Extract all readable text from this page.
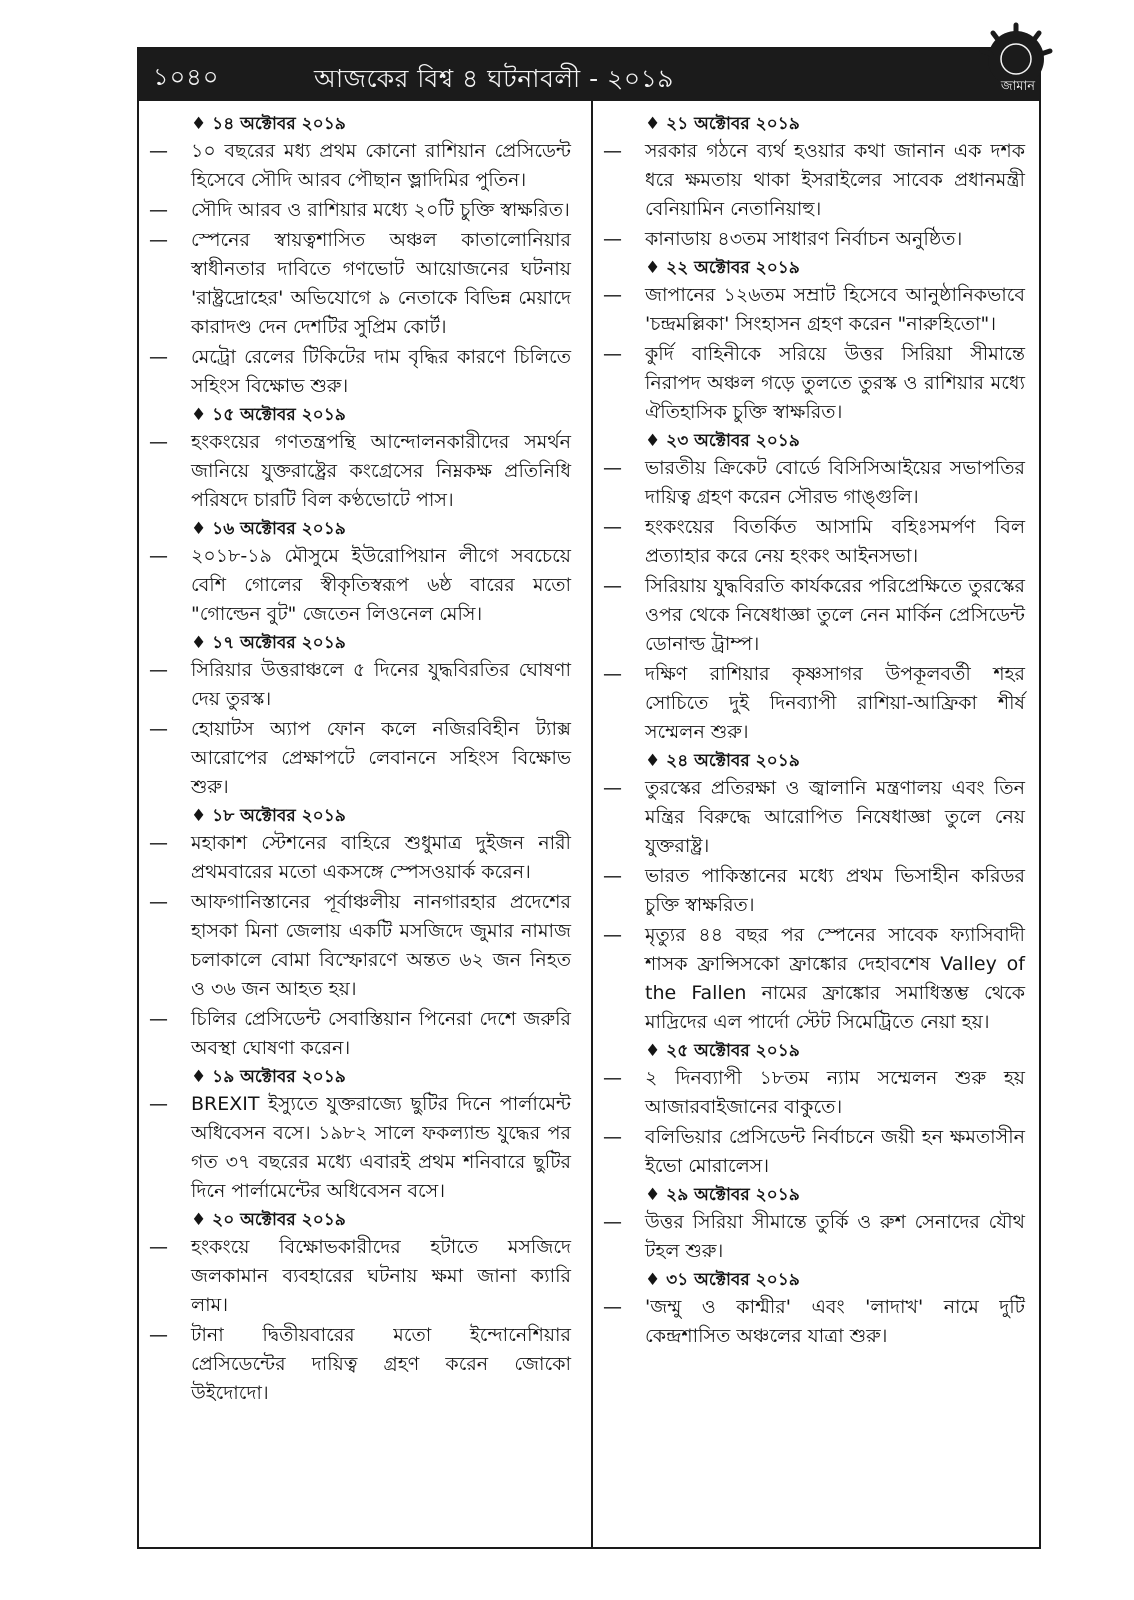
১০৪০	আজকের বিশ্ব ৪ ঘটনাবলী - ২০১৯	জামান
♦ ১৪ অক্টোবর ২০১৯
—	১০ বছরের মধ্য প্রথম কোনো রাশিয়ান প্রেসিডেন্ট হিসেবে সৌদি আরব পৌছান ভ্লাদিমির পুতিন।
—	সৌদি আরব ও রাশিয়ার মধ্যে ২০টি চুক্তি স্বাক্ষরিত।
—	স্পেনের স্বায়ত্বশাসিত অঞ্চল কাতালোনিয়ার স্বাধীনতার দাবিতে গণভোট আয়োজনের ঘটনায় 'রাষ্ট্রদ্রোহের' অভিযোগে ৯ নেতাকে বিভিন্ন মেয়াদে কারাদণ্ড দেন দেশটির সুপ্রিম কোর্ট।
—	মেট্রো রেলের টিকিটের দাম বৃদ্ধির কারণে চিলিতে সহিংস বিক্ষোভ শুরু।
♦ ১৫ অক্টোবর ২০১৯
—	হংকংয়ের গণতন্ত্রপন্থি আন্দোলনকারীদের সমর্থন জানিয়ে যুক্তরাষ্ট্রের কংগ্রেসের নিম্নকক্ষ প্রতিনিধি পরিষদে চারটি বিল কণ্ঠভোটে পাস।
♦ ১৬ অক্টোবর ২০১৯
—	২০১৮-১৯ মৌসুমে ইউরোপিয়ান লীগে সবচেয়ে বেশি গোলের স্বীকৃতিস্বরূপ ৬ষ্ঠ বারের মতো "গোল্ডেন বুট" জেতেন লিওনেল মেসি।
♦ ১৭ অক্টোবর ২০১৯
—	সিরিয়ার উত্তরাঞ্চলে ৫ দিনের যুদ্ধবিরতির ঘোষণা দেয় তুরস্ক।
—	হোয়াটস অ্যাপ ফোন কলে নজিরবিহীন ট্যাক্স আরোপের প্রেক্ষাপটে লেবাননে সহিংস বিক্ষোভ শুরু।
♦ ১৮ অক্টোবর ২০১৯
—	মহাকাশ স্টেশনের বাহিরে শুধুমাত্র দুইজন নারী প্রথমবারের মতো একসঙ্গে স্পেসওয়ার্ক করেন।
—	আফগানিস্তানের পূর্বাঞ্চলীয় নানগারহার প্রদেশের হাসকা মিনা জেলায় একটি মসজিদে জুমার নামাজ চলাকালে বোমা বিস্ফোরণে অন্তত ৬২ জন নিহত ও ৩৬ জন আহত হয়।
—	চিলির প্রেসিডেন্ট সেবাস্তিয়ান পিনেরা দেশে জরুরি অবস্থা ঘোষণা করেন।
♦ ১৯ অক্টোবর ২০১৯
—	BREXIT ইস্যুতে যুক্তরাজ্যে ছুটির দিনে পার্লামেন্ট অধিবেসন বসে। ১৯৮২ সালে ফকল্যান্ড যুদ্ধের পর গত ৩৭ বছরের মধ্যে এবারই প্রথম শনিবারে ছুটির দিনে পার্লামেন্টের অধিবেসন বসে।
♦ ২০ অক্টোবর ২০১৯
—	হংকংয়ে বিক্ষোভকারীদের হটাতে মসজিদে জলকামান ব্যবহারের ঘটনায় ক্ষমা জানা ক্যারি লাম।
—	টানা দ্বিতীয়বারের মতো ইন্দোনেশিয়ার প্রেসিডেন্টের দায়িত্ব গ্রহণ করেন জোকো উইদোদো।
♦ ২১ অক্টোবর ২০১৯
—	সরকার গঠনে ব্যর্থ হওয়ার কথা জানান এক দশক ধরে ক্ষমতায় থাকা ইসরাইলের সাবেক প্রধানমন্ত্রী বেনিয়ামিন নেতানিয়াহু।
—	কানাডায় ৪৩তম সাধারণ নির্বাচন অনুষ্ঠিত।
♦ ২২ অক্টোবর ২০১৯
—	জাপানের ১২৬তম সম্রাট হিসেবে আনুষ্ঠানিকভাবে 'চন্দ্রমল্লিকা' সিংহাসন গ্রহণ করেন "নারুহিতো"।
—	কুর্দি বাহিনীকে সরিয়ে উত্তর সিরিয়া সীমান্তে নিরাপদ অঞ্চল গড়ে তুলতে তুরস্ক ও রাশিয়ার মধ্যে ঐতিহাসিক চুক্তি স্বাক্ষরিত।
♦ ২৩ অক্টোবর ২০১৯
—	ভারতীয় ক্রিকেট বোর্ডে বিসিসিআইয়ের সভাপতির দায়িত্ব গ্রহণ করেন সৌরভ গাঙ্গুলি।
—	হংকংয়ের বিতর্কিত আসামি বহিঃসমর্পণ বিল প্রত্যাহার করে নেয় হংকং আইনসভা।
—	সিরিয়ায় যুদ্ধবিরতি কার্যকরের পরিপ্রেক্ষিতে তুরস্কের ওপর থেকে নিষেধাজ্ঞা তুলে নেন মার্কিন প্রেসিডেন্ট ডোনাল্ড ট্রাম্প।
—	দক্ষিণ রাশিয়ার কৃষ্ণসাগর উপকূলবর্তী শহর সোচিতে দুই দিনব্যাপী রাশিয়া-আফ্রিকা শীর্ষ সম্মেলন শুরু।
♦ ২৪ অক্টোবর ২০১৯
—	তুরস্কের প্রতিরক্ষা ও জ্বালানি মন্ত্রণালয় এবং তিন মন্ত্রির বিরুদ্ধে আরোপিত নিষেধাজ্ঞা তুলে নেয় যুক্তরাষ্ট্র।
—	ভারত পাকিস্তানের মধ্যে প্রথম ভিসাহীন করিডর চুক্তি স্বাক্ষরিত।
—	মৃত্যুর ৪৪ বছর পর স্পেনের সাবেক ফ্যাসিবাদী শাসক ফ্রান্সিসকো ফ্রাঙ্কোর দেহাবশেষ Valley of the Fallen নামের ফ্রাঙ্কোর সমাধিস্তম্ভ থেকে মাদ্রিদের এল পার্দো স্টেট সিমেট্রিতে নেয়া হয়।
♦ ২৫ অক্টোবর ২০১৯
—	২ দিনব্যাপী ১৮তম ন্যাম সম্মেলন শুরু হয় আজারবাইজানের বাকুতে।
—	বলিভিয়ার প্রেসিডেন্ট নির্বাচনে জয়ী হন ক্ষমতাসীন ইভো মোরালেস।
♦ ২৯ অক্টোবর ২০১৯
—	উত্তর সিরিয়া সীমান্তে তুর্কি ও রুশ সেনাদের যৌথ টহল শুরু।
♦ ৩১ অক্টোবর ২০১৯
—	'জম্মু ও কাশ্মীর' এবং 'লাদাখ' নামে দুটি কেন্দ্রশাসিত অঞ্চলের যাত্রা শুরু।
